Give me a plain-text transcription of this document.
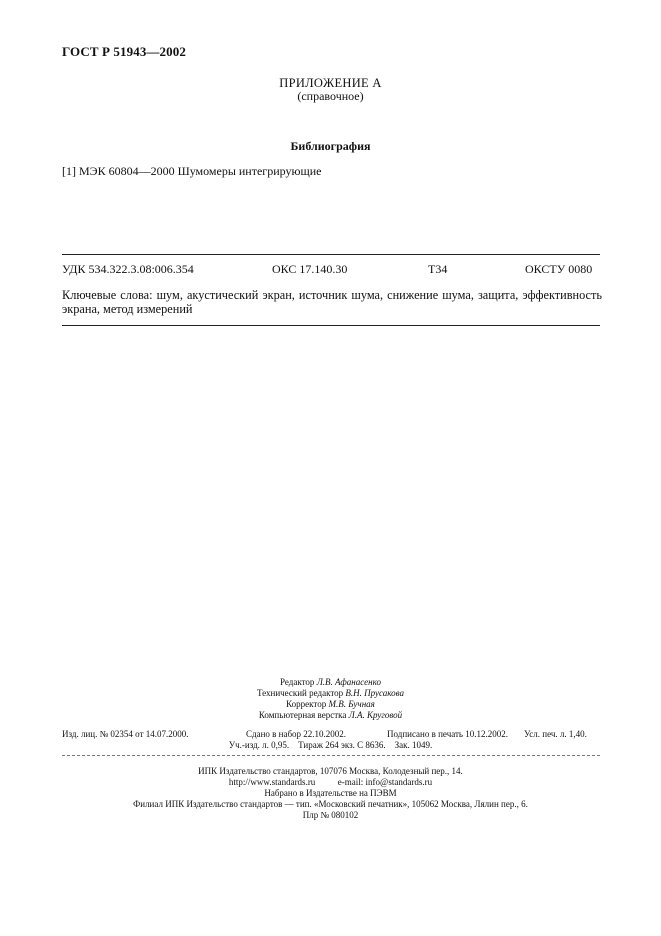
ГОСТ Р 51943—2002
ПРИЛОЖЕНИЕ А
(справочное)
Библиография
[1] МЭК 60804—2000 Шумомеры интегрирующие
УДК 534.322.3.08:006.354	ОКС 17.140.30	Т34	ОКСТУ 0080
Ключевые слова: шум, акустический экран, источник шума, снижение шума, защита, эффективность экрана, метод измерений
Редактор Л.В. Афанасенко
Технический редактор В.Н. Прусакова
Корректор М.В. Бучная
Компьютерная верстка Л.А. Круговой
Изд. лиц. № 02354 от 14.07.2000.	Сдано в набор 22.10.2002.	Подписано в печать 10.12.2002. Усл. печ. л. 1,40.
Уч.-изд. л. 0,95.    Тираж 264 экз. С 8636.    Зак. 1049.
ИПК Издательство стандартов, 107076 Москва, Колодезный пер., 14.
http://www.standards.ru          e-mail: info@standards.ru
Набрано в Издательстве на ПЭВМ
Филиал ИПК Издательство стандартов — тип. «Московский печатник», 105062 Москва, Лялин пер., 6.
Плр № 080102
